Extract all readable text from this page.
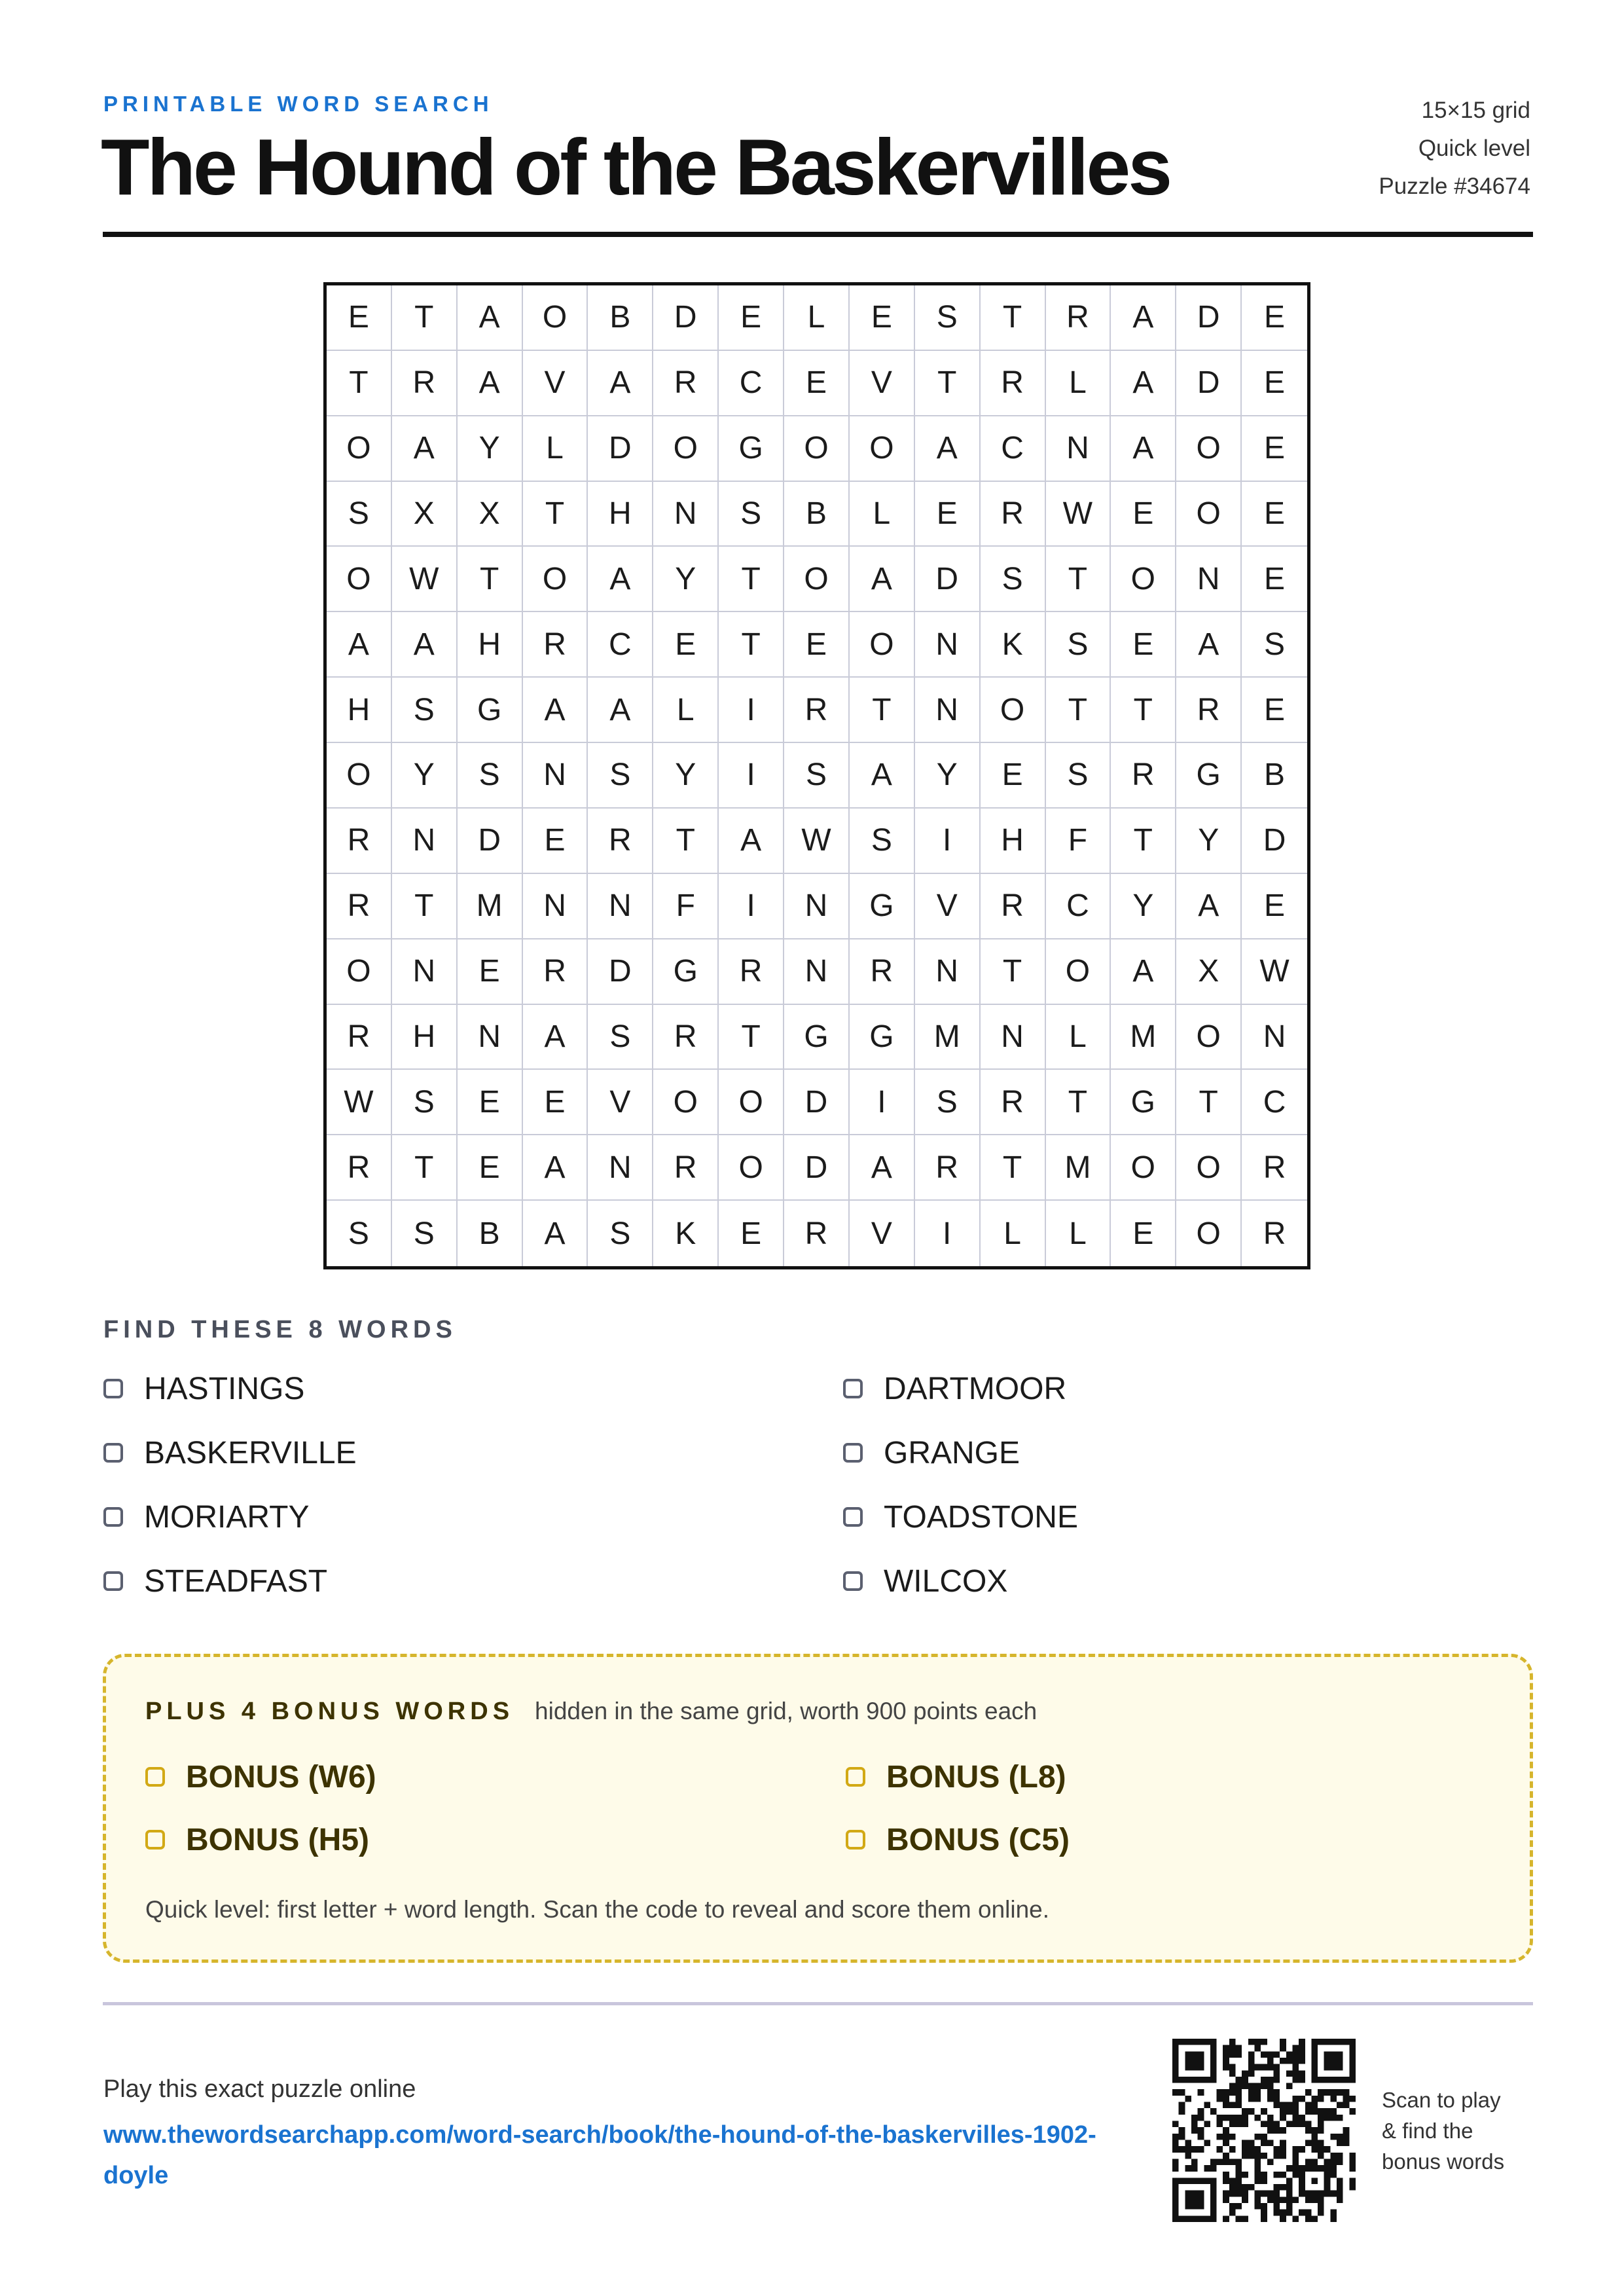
PRINTABLE WORD SEARCH
The Hound of the Baskervilles
15×15 grid
Quick level
Puzzle #34674
E	T	A	O	B	D	E	L	E	S	T	R	A	D	E
T	R	A	V	A	R	C	E	V	T	R	L	A	D	E
O	A	Y	L	D	O	G	O	O	A	C	N	A	O	E
S	X	X	T	H	N	S	B	L	E	R	W	E	O	E
O	W	T	O	A	Y	T	O	A	D	S	T	O	N	E
A	A	H	R	C	E	T	E	O	N	K	S	E	A	S
H	S	G	A	A	L	I	R	T	N	O	T	T	R	E
O	Y	S	N	S	Y	I	S	A	Y	E	S	R	G	B
R	N	D	E	R	T	A	W	S	I	H	F	T	Y	D
R	T	M	N	N	F	I	N	G	V	R	C	Y	A	E
O	N	E	R	D	G	R	N	R	N	T	O	A	X	W
R	H	N	A	S	R	T	G	G	M	N	L	M	O	N
W	S	E	E	V	O	O	D	I	S	R	T	G	T	C
R	T	E	A	N	R	O	D	A	R	T	M	O	O	R
S	S	B	A	S	K	E	R	V	I	L	L	E	O	R
FIND THESE 8 WORDS
HASTINGS	DARTMOOR
BASKERVILLE	GRANGE
MORIARTY	TOADSTONE
STEADFAST	WILCOX
PLUS 4 BONUS WORDS hidden in the same grid, worth 900 points each
BONUS (W6)	BONUS (L8)
BONUS (H5)	BONUS (C5)
Quick level: first letter + word length. Scan the code to reveal and score them online.
Play this exact puzzle online
www.thewordsearchapp.com/word-search/book/the-hound-of-the-baskervilles-1902-doyle
Scan to play
& find the
bonus words
